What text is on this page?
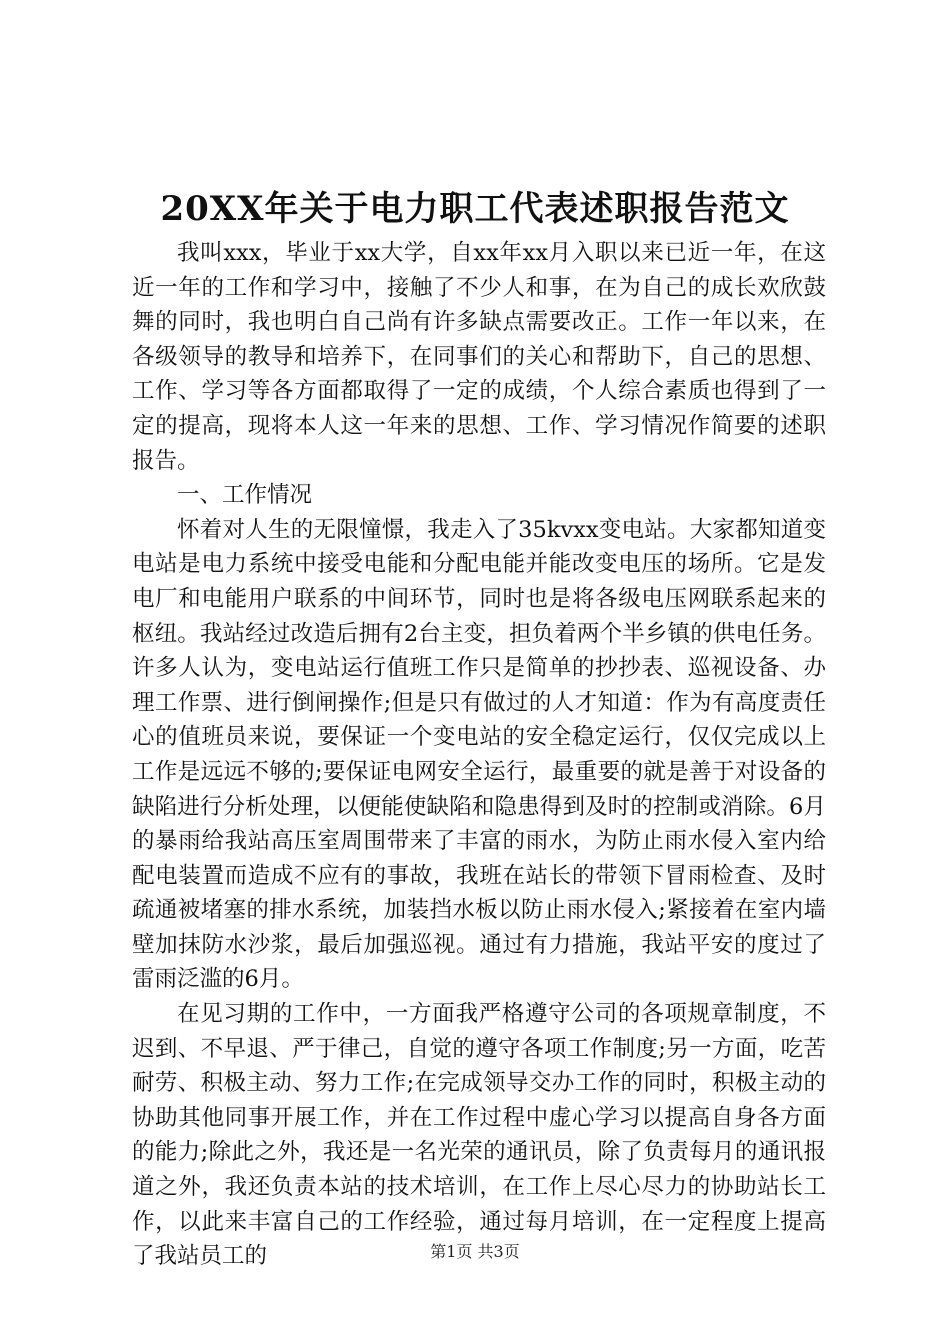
20XX年关于电力职工代表述职报告范文

我叫xxx，毕业于xx大学，自xx年xx月入职以来已近一年，在这近一年的工作和学习中，接触了不少人和事，在为自己的成长欢欣鼓舞的同时，我也明白自己尚有许多缺点需要改正。工作一年以来，在各级领导的教导和培养下，在同事们的关心和帮助下，自己的思想、工作、学习等各方面都取得了一定的成绩，个人综合素质也得到了一定的提高，现将本人这一年来的思想、工作、学习情况作简要的述职报告。

一、工作情况

怀着对人生的无限憧憬，我走入了35kvxx变电站。大家都知道变电站是电力系统中接受电能和分配电能并能改变电压的场所。它是发电厂和电能用户联系的中间环节，同时也是将各级电压网联系起来的枢纽。我站经过改造后拥有2台主变，担负着两个半乡镇的供电任务。许多人认为，变电站运行值班工作只是简单的抄抄表、巡视设备、办理工作票、进行倒闸操作;但是只有做过的人才知道：作为有高度责任心的值班员来说，要保证一个变电站的安全稳定运行，仅仅完成以上工作是远远不够的;要保证电网安全运行，最重要的就是善于对设备的缺陷进行分析处理，以便能使缺陷和隐患得到及时的控制或消除。6月的暴雨给我站高压室周围带来了丰富的雨水，为防止雨水侵入室内给配电装置而造成不应有的事故，我班在站长的带领下冒雨检查、及时疏通被堵塞的排水系统，加装挡水板以防止雨水侵入;紧接着在室内墙壁加抹防水沙浆，最后加强巡视。通过有力措施，我站平安的度过了雷雨泛滥的6月。

在见习期的工作中，一方面我严格遵守公司的各项规章制度，不迟到、不早退、严于律己，自觉的遵守各项工作制度;另一方面，吃苦耐劳、积极主动、努力工作;在完成领导交办工作的同时，积极主动的协助其他同事开展工作，并在工作过程中虚心学习以提高自身各方面的能力;除此之外，我还是一名光荣的通讯员，除了负责每月的通讯报道之外，我还负责本站的技术培训，在工作上尽心尽力的协助站长工作，以此来丰富自己的工作经验，通过每月培训，在一定程度上提高了我站员工的	第1页 共3页
